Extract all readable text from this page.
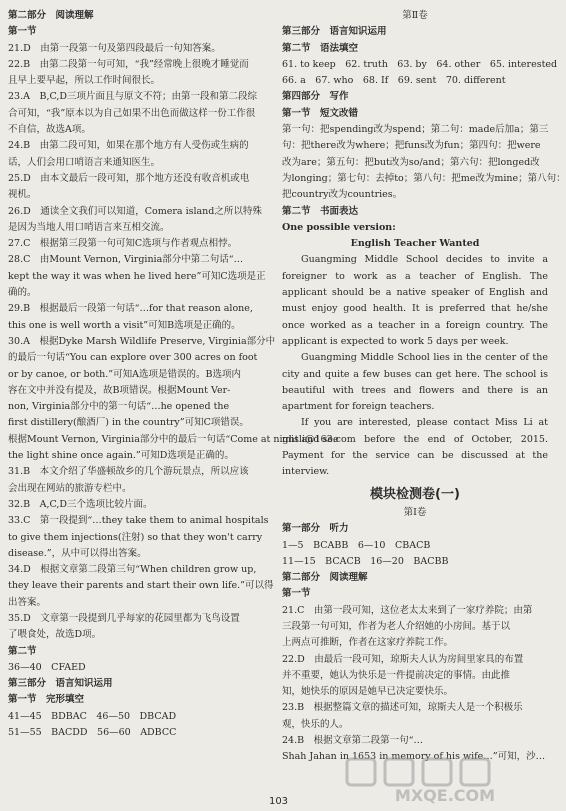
第二部分　阅读理解
第一节
21.D　由第一段第一句及第四段最后一句知答案。
22.B　由第二段第一句可知，“我”经常晚上很晚才睡觉而
且早上要早起，所以工作时间很长。
23.A　B,C,D三项片面且与原文不符；由第一段和第二段综
合可知，“我”原本以为自己如果不出色而做这样一份工作很
不自信，故选A项。
24.B　由第二段可知，如果在那个地方有人受伤或生病的
话，人们会用口哨语言来通知医生。
25.D　由本文最后一段可知，那个地方还没有收音机或电
视机。
26.D　通读全文我们可以知道，Comera island之所以特殊
是因为当地人用口哨语言来互相交流。
27.C　根据第三段第一句可知C选项与作者观点相悖。
28.C　由Mount Vernon, Virginia部分中第二句话“…
kept the way it was when he lived here”可知C选项是正
确的。
29.B　根据最后一段第一句话“…for that reason alone,
this one is well worth a visit”可知B选项是正确的。
30.A　根据Dyke Marsh Wildlife Preserve, Virginia部分中
的最后一句话“You can explore over 300 acres on foot
or by canoe, or both.”可知A选项是错误的。B选项内
容在文中并没有提及，故B项错误。根据Mount Ver-
non, Virginia部分中的第一句话“…he opened the
first distillery(酿酒厂) in the country”可知C项错误。
根据Mount Vernon, Virginia部分中的最后一句话“Come at night and see
the light shine once again.”可知D选项是正确的。
31.B　本文介绍了华盛顿故乡的几个游玩景点，所以应该
会出现在网站的旅游专栏中。
32.B　A,C,D三个选项比较片面。
33.C　第一段提到“…they take them to animal hospitals
to give them injections(注射) so that they won't carry
disease.”，从中可以得出答案。
34.D　根据文章第二段第三句“When children grow up,
they leave their parents and start their own life.”可以得
出答案。
35.D　文章第一段提到几乎每家的花园里都为飞鸟设置
了喂食处，故选D项。
第二节
36—40　CFAED
第三部分　语言知识运用
第一节　完形填空
41—45　BDBAC　46—50　DBCAD
51—55　BACDD　56—60　ADBCC
第Ⅱ卷
第三部分　语言知识运用
第二节　语法填空
61. to keep　62. truth　63. by　64. other　65. interested
66. a　67. who　68. If　69. sent　70. different
第四部分　写作
第一节　短文改错
第一句：把spending改为spend；第二句：made后加a；第三
句：把there改为where；把funs改为fun；第四句：把were
改为are；第五句：把but改为so/and；第六句：把longed改
为longing；第七句：去掉to；第八句：把me改为mine；第八句：
把country改为countries。
第二节　书面表达
One possible version:
English Teacher Wanted

Guangming Middle School decides to invite a foreigner to work as a teacher of English. The applicant should be a native speaker of English and must enjoy good health. It is preferred that he/she once worked as a teacher in a foreign country. The applicant is expected to work 5 days per week.

Guangming Middle School lies in the center of the city and quite a few buses can get here. The school is beautiful with trees and flowers and there is an apartment for foreign teachers.

If you are interested, please contact Miss Li at misli@163.com before the end of October, 2015. Payment for the service can be discussed at the interview.

模块检测卷(一)
第Ⅰ卷
第一部分　听力
1—5　BCABB　6—10　CBACB
11—15　BCACB　16—20　BACBB
第二部分　阅读理解
第一节
21.C　由第一段可知，这位老太太来到了一家疗养院；由第
三段第一句可知，作者为老人介绍她的小房间。基于以
上两点可推断，作者在这家疗养院工作。
22.D　由最后一段可知，琼斯夫人认为房间里家具的布置
并不重要，她认为快乐是一件提前决定的事情。由此推
知，她快乐的原因是她早已决定要快乐。
23.B　根据整篇文章的描述可知，琼斯夫人是一个积极乐
观，快乐的人。
24.B　根据文章第二段第一句“…
Shah Jahan in 1653 in memory of his wife…”可知，沙…
103	MXQE.COM
